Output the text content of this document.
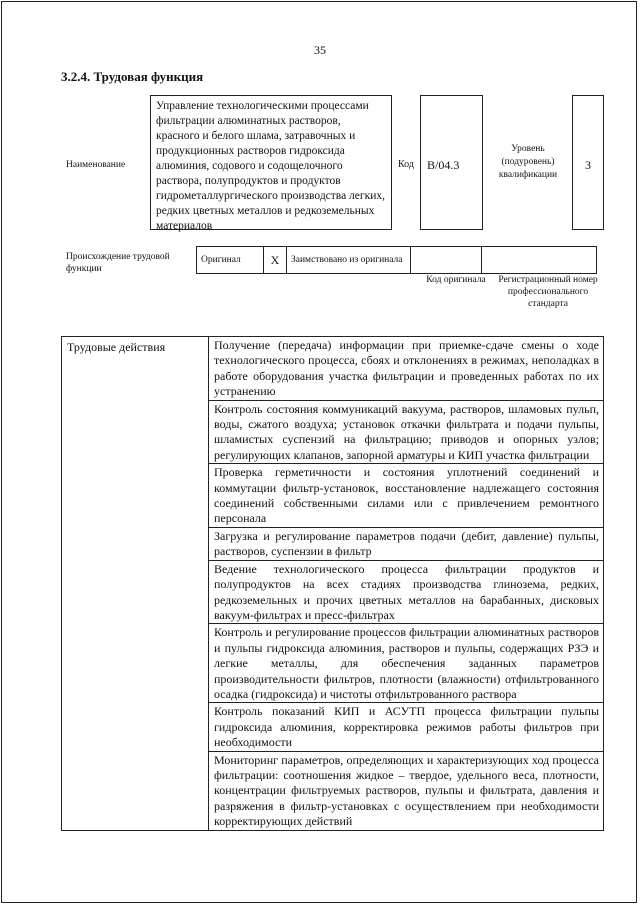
35
3.2.4. Трудовая функция
Наименование
Управление технологическими процессами фильтрации алюминатных растворов, красного и белого шлама, затравочных и продукционных растворов гидроксида алюминия, содового и содощелочного раствора, полупродуктов и продуктов гидрометаллургического производства легких, редких цветных металлов и редкоземельных материалов
Код B/04.3
Уровень (подуровень) квалификации
3
Происхождение трудовой функции
Оригинал	X	Заимствовано из оригинала		
Код оригинала	Регистрационный номер профессионального стандарта
Трудовые действия	Получение (передача) информации при приемке-сдаче смены о ходе технологического процесса, сбоях и отклонениях в режимах, неполадках в работе оборудования участка фильтрации и проведенных работах по их устранению
Контроль состояния коммуникаций вакуума, растворов, шламовых пульп, воды, сжатого воздуха; установок откачки фильтрата и подачи пульпы, шламистых суспензий на фильтрацию; приводов и опорных узлов; регулирующих клапанов, запорной арматуры и КИП участка фильтрации
Проверка герметичности и состояния уплотнений соединений и коммутации фильтр-установок, восстановление надлежащего состояния соединений собственными силами или с привлечением ремонтного персонала
Загрузка и регулирование параметров подачи (дебит, давление) пульпы, растворов, суспензии в фильтр
Ведение технологического процесса фильтрации продуктов и полупродуктов на всех стадиях производства глинозема, редких, редкоземельных и прочих цветных металлов на барабанных, дисковых вакуум-фильтрах и пресс-фильтрах
Контроль и регулирование процессов фильтрации алюминатных растворов и пульпы гидроксида алюминия, растворов и пульпы, содержащих РЗЭ и легкие металлы, для обеспечения заданных параметров производительности фильтров, плотности (влажности) отфильтрованного осадка (гидроксида) и чистоты отфильтрованного раствора
Контроль показаний КИП и АСУТП процесса фильтрации пульпы гидроксида алюминия, корректировка режимов работы фильтров при необходимости
Мониторинг параметров, определяющих и характеризующих ход процесса фильтрации: соотношения жидкое – твердое, удельного веса, плотности, концентрации фильтруемых растворов, пульпы и фильтрата, давления и разряжения в фильтр-установках с осуществлением при необходимости корректирующих действий
